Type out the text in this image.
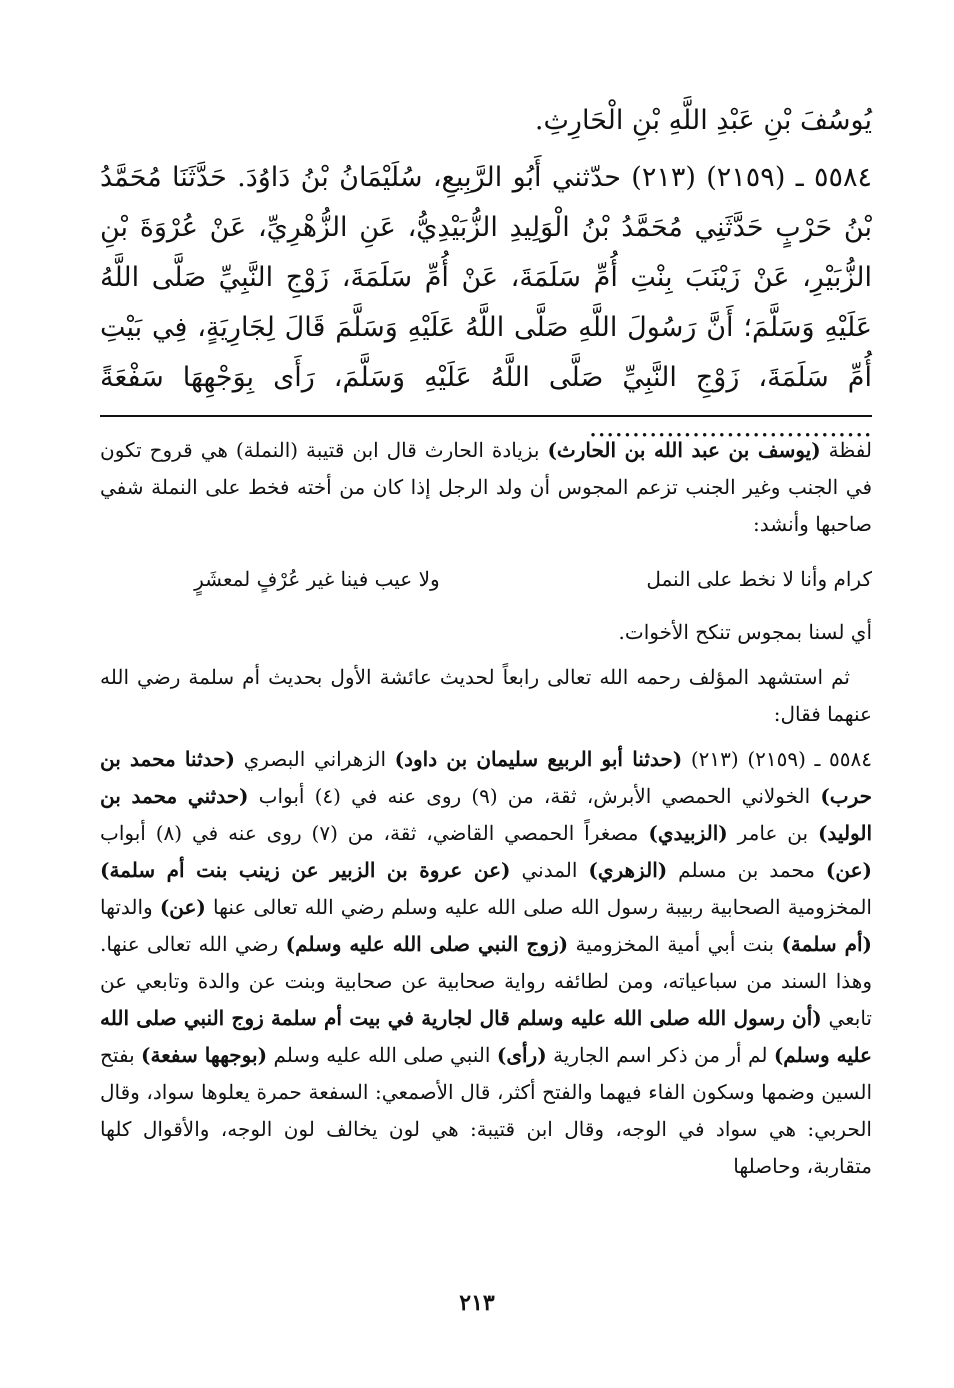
يُوسُفَ بْنِ عَبْدِ اللَّهِ بْنِ الْحَارِثِ.

٥٥٨٤ ـ (٢١٥٩) (٢١٣) حدّثني أَبُو الرَّبِيعِ، سُلَيْمَانُ بْنُ دَاوُدَ. حَدَّثَنَا مُحَمَّدُ بْنُ حَرْبٍ حَدَّثَنِي مُحَمَّدُ بْنُ الْوَلِيدِ الزُّبَيْدِيُّ، عَنِ الزُّهْرِيِّ، عَنْ عُرْوَةَ بْنِ الزُّبَيْرِ، عَنْ زَيْنَبَ بِنْتِ أُمِّ سَلَمَةَ، عَنْ أُمِّ سَلَمَةَ، زَوْجِ النَّبِيِّ صَلَّى اللَّهُ عَلَيْهِ وَسَلَّمَ؛ أَنَّ رَسُولَ اللَّهِ صَلَّى اللَّهُ عَلَيْهِ وَسَلَّمَ قَالَ لِجَارِيَةٍ، فِي بَيْتِ أُمِّ سَلَمَةَ، زَوْجِ النَّبِيِّ صَلَّى اللَّهُ عَلَيْهِ وَسَلَّمَ، رَأَى بِوَجْهِهَا سَفْعَةً .................................

لفظة (يوسف بن عبد الله بن الحارث) بزيادة الحارث قال ابن قتيبة (النملة) هي قروح تكون في الجنب وغير الجنب تزعم المجوس أن ولد الرجل إذا كان من أخته فخط على النملة شفي صاحبها وأنشد:

ولا عيب فينا غير عُرْفٍ لمعشَرٍ	كرام وأنا لا نخط على النمل

أي لسنا بمجوس تنكح الأخوات.

ثم استشهد المؤلف رحمه الله تعالى رابعاً لحديث عائشة الأول بحديث أم سلمة رضي الله عنهما فقال:

٥٥٨٤ ـ (٢١٥٩) (٢١٣) (حدثنا أبو الربيع سليمان بن داود) الزهراني البصري (حدثنا محمد بن حرب) الخولاني الحمصي الأبرش، ثقة، من (٩) روى عنه في (٤) أبواب (حدثني محمد بن الوليد) بن عامر (الزبيدي) مصغراً الحمصي القاضي، ثقة، من (٧) روى عنه في (٨) أبواب (عن) محمد بن مسلم (الزهري) المدني (عن عروة بن الزبير عن زينب بنت أم سلمة) المخزومية الصحابية ربيبة رسول الله صلى الله عليه وسلم رضي الله تعالى عنها (عن) والدتها (أم سلمة) بنت أبي أمية المخزومية (زوج النبي صلى الله عليه وسلم) رضي الله تعالى عنها. وهذا السند من سباعياته، ومن لطائفه رواية صحابية عن صحابية وبنت عن والدة وتابعي عن تابعي (أن رسول الله صلى الله عليه وسلم قال لجارية في بيت أم سلمة زوج النبي صلى الله عليه وسلم) لم أر من ذكر اسم الجارية (رأى) النبي صلى الله عليه وسلم (بوجهها سفعة) بفتح السين وضمها وسكون الفاء فيهما والفتح أكثر، قال الأصمعي: السفعة حمرة يعلوها سواد، وقال الحربي: هي سواد في الوجه، وقال ابن قتيبة: هي لون يخالف لون الوجه، والأقوال كلها متقاربة، وحاصلها

٢١٣
